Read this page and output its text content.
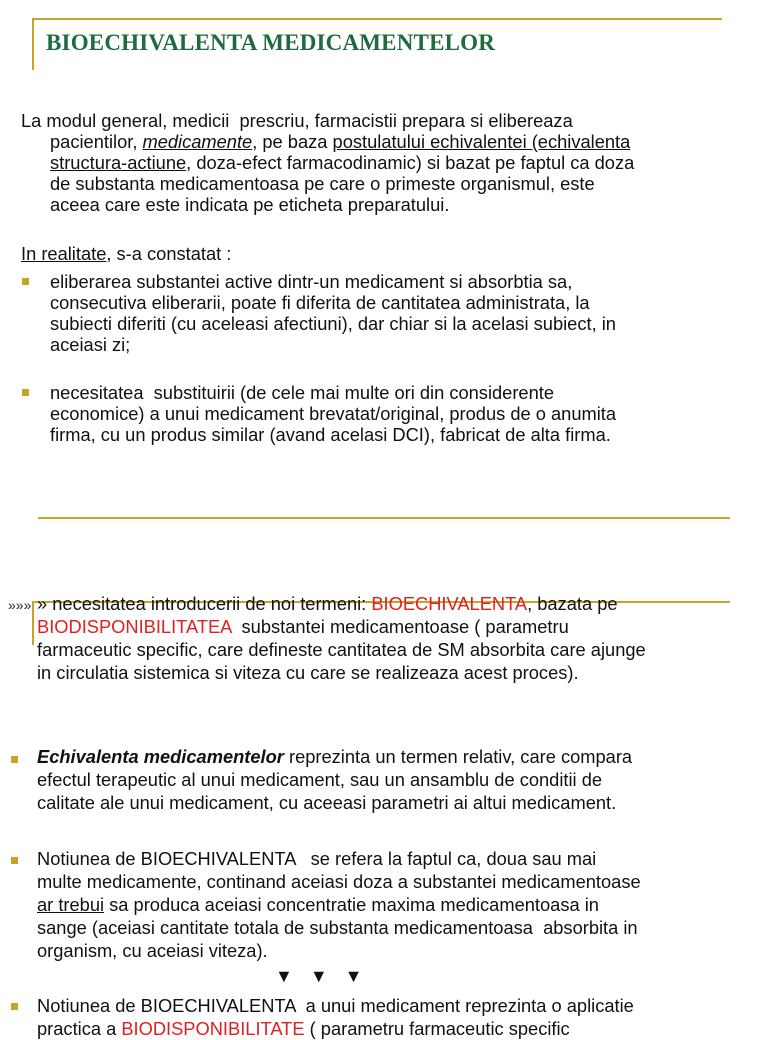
BIOECHIVALENTA MEDICAMENTELOR
La modul general, medicii  prescriu, farmacistii prepara si elibereaza
pacientilor, medicamente, pe baza postulatului echivalentei (echivalenta
structura-actiune, doza-efect farmacodinamic) si bazat pe faptul ca doza
de substanta medicamentoasa pe care o primeste organismul, este
aceea care este indicata pe eticheta preparatului.
In realitate, s-a constatat :
eliberarea substantei active dintr-un medicament si absorbtia sa,
consecutiva eliberarii, poate fi diferita de cantitatea administrata, la
subiecti diferiti (cu aceleasi afectiuni), dar chiar si la acelasi subiect, in
aceiasi zi;
necesitatea  substituirii (de cele mai multe ori din considerente
economice) a unui medicament brevatat/original, produs de o anumita
firma, cu un produs similar (avand acelasi DCI), fabricat de alta firma.
»»» » necesitatea introducerii de noi termeni: BIOECHIVALENTA, bazata pe
BIODISPONIBILITATEA  substantei medicamentoase ( parametru
farmaceutic specific, care defineste cantitatea de SM absorbita care ajunge
in circulatia sistemica si viteza cu care se realizeaza acest proces).
Echivalenta medicamentelor reprezinta un termen relativ, care compara
efectul terapeutic al unui medicament, sau un ansamblu de conditii de
calitate ale unui medicament, cu aceeasi parametri ai altui medicament.
Notiunea de BIOECHIVALENTA   se refera la faptul ca, doua sau mai
multe medicamente, continand aceiasi doza a substantei medicamentoase
ar trebui sa produca aceiasi concentratie maxima medicamentoasa in
sange (aceiasi cantitate totala de substanta medicamentoasa  absorbita in
organism, cu aceiasi viteza).
▼ ▼ ▼
Notiunea de BIOECHIVALENTA  a unui medicament reprezinta o aplicatie
practica a BIODISPONIBILITATE ( parametru farmaceutic specific
